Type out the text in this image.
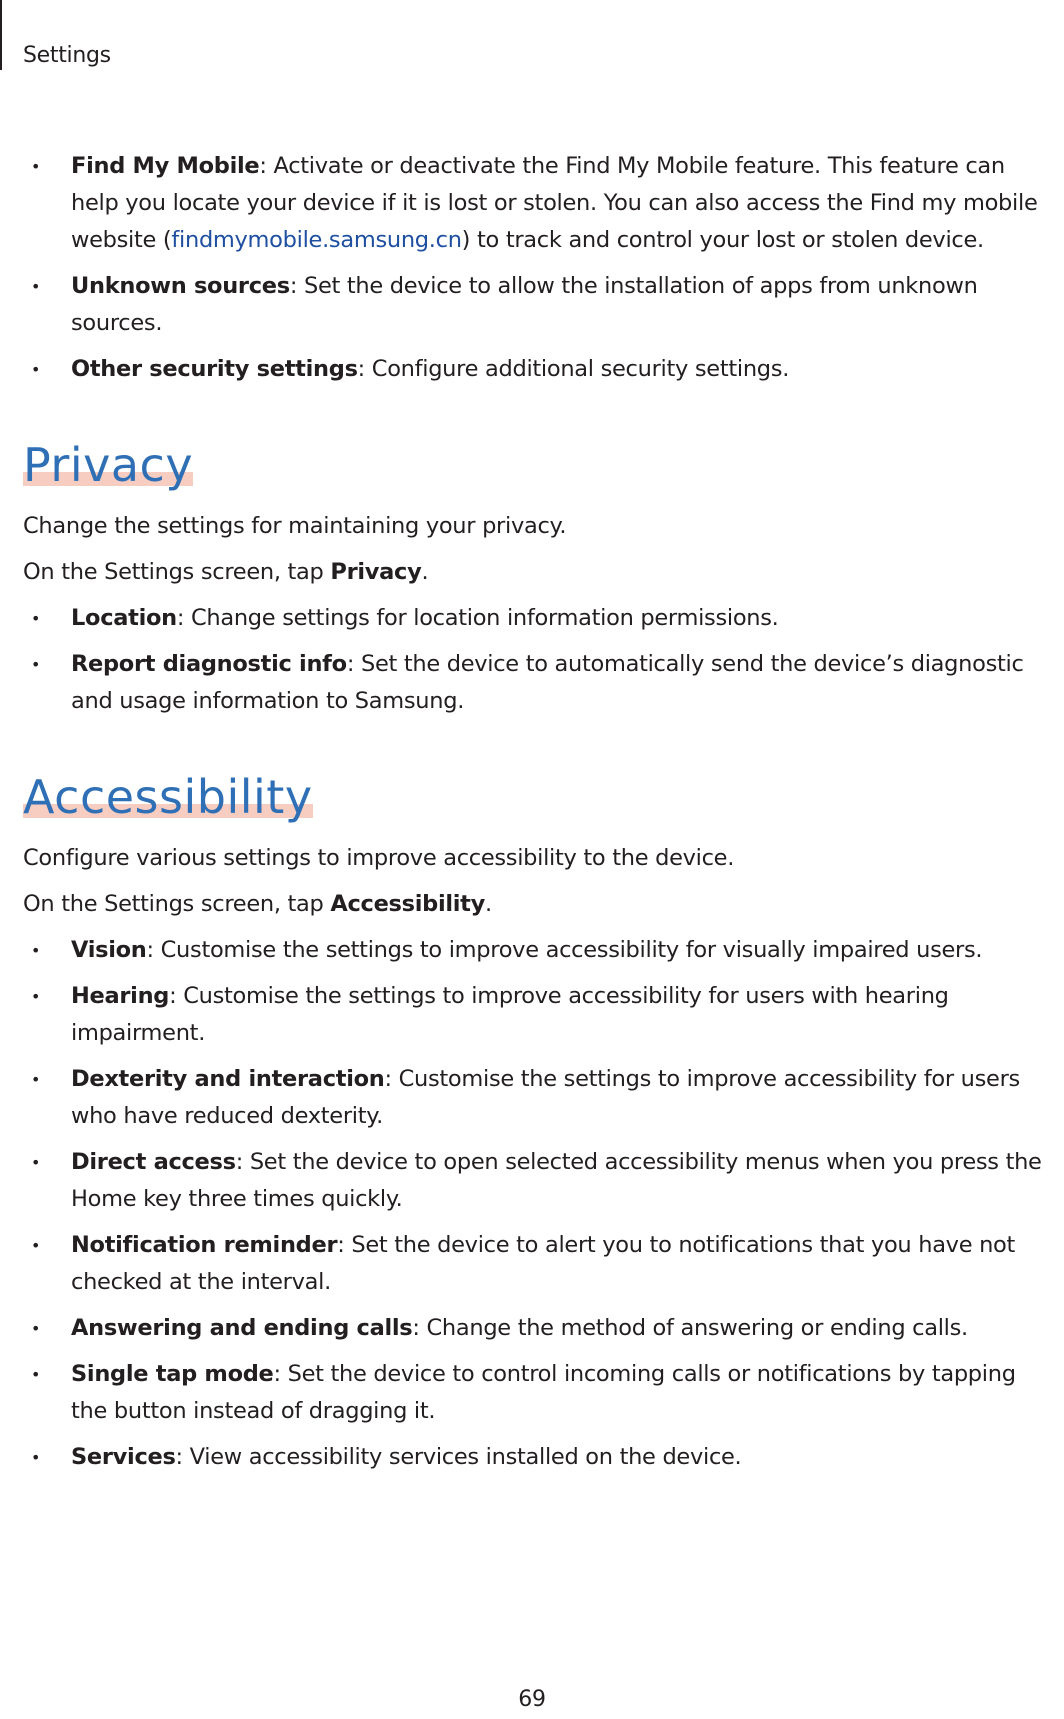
Settings

• Find My Mobile: Activate or deactivate the Find My Mobile feature. This feature can help you locate your device if it is lost or stolen. You can also access the Find my mobile website (findmymobile.samsung.cn) to track and control your lost or stolen device.
• Unknown sources: Set the device to allow the installation of apps from unknown sources.
• Other security settings: Configure additional security settings.
Privacy

Change the settings for maintaining your privacy.

On the Settings screen, tap Privacy.

• Location: Change settings for location information permissions.
• Report diagnostic info: Set the device to automatically send the device’s diagnostic and usage information to Samsung.
Accessibility

Configure various settings to improve accessibility to the device.

On the Settings screen, tap Accessibility.

• Vision: Customise the settings to improve accessibility for visually impaired users.
• Hearing: Customise the settings to improve accessibility for users with hearing impairment.
• Dexterity and interaction: Customise the settings to improve accessibility for users who have reduced dexterity.
• Direct access: Set the device to open selected accessibility menus when you press the Home key three times quickly.
• Notification reminder: Set the device to alert you to notifications that you have not checked at the interval.
• Answering and ending calls: Change the method of answering or ending calls.
• Single tap mode: Set the device to control incoming calls or notifications by tapping the button instead of dragging it.
• Services: View accessibility services installed on the device.

69
